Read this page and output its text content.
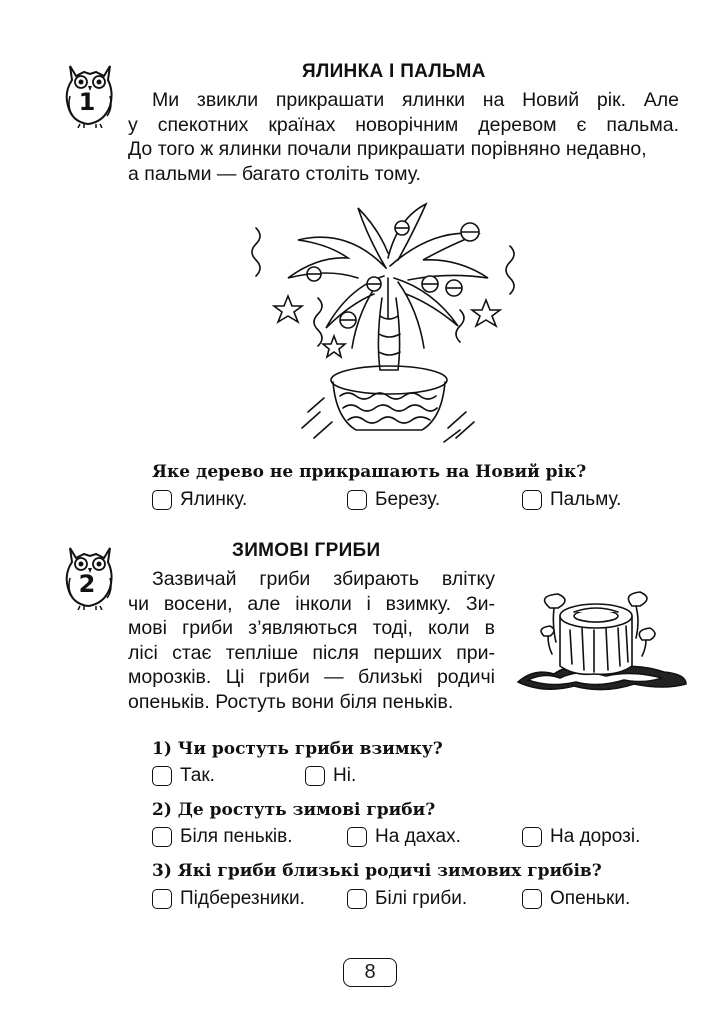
1
ЯЛИНКА І ПАЛЬМА
Ми звикли прикрашати ялинки на Новий рік. Але
у спекотних країнах новорічним деревом є пальма.
До того ж ялинки почали прикрашати порівняно недавно,
а пальми — багато століть тому.
Яке дерево не прикрашають на Новий рік?
Ялинку.	Березу.	Пальму.
2
ЗИМОВІ ГРИБИ
Зазвичай гриби збирають влітку
чи восени, але інколи і взимку. Зи-
мові гриби з’являються тоді, коли в
лісі стає тепліше після перших при-
морозків. Ці гриби — близькі родичі
опеньків. Ростуть вони біля пеньків.
1) Чи ростуть гриби взимку?
Так.	Ні.
2) Де ростуть зимові гриби?
Біля пеньків.	На дахах.	На дорозі.
3) Які гриби близькі родичі зимових грибів?
Підберезники.	Білі гриби.	Опеньки.
8
